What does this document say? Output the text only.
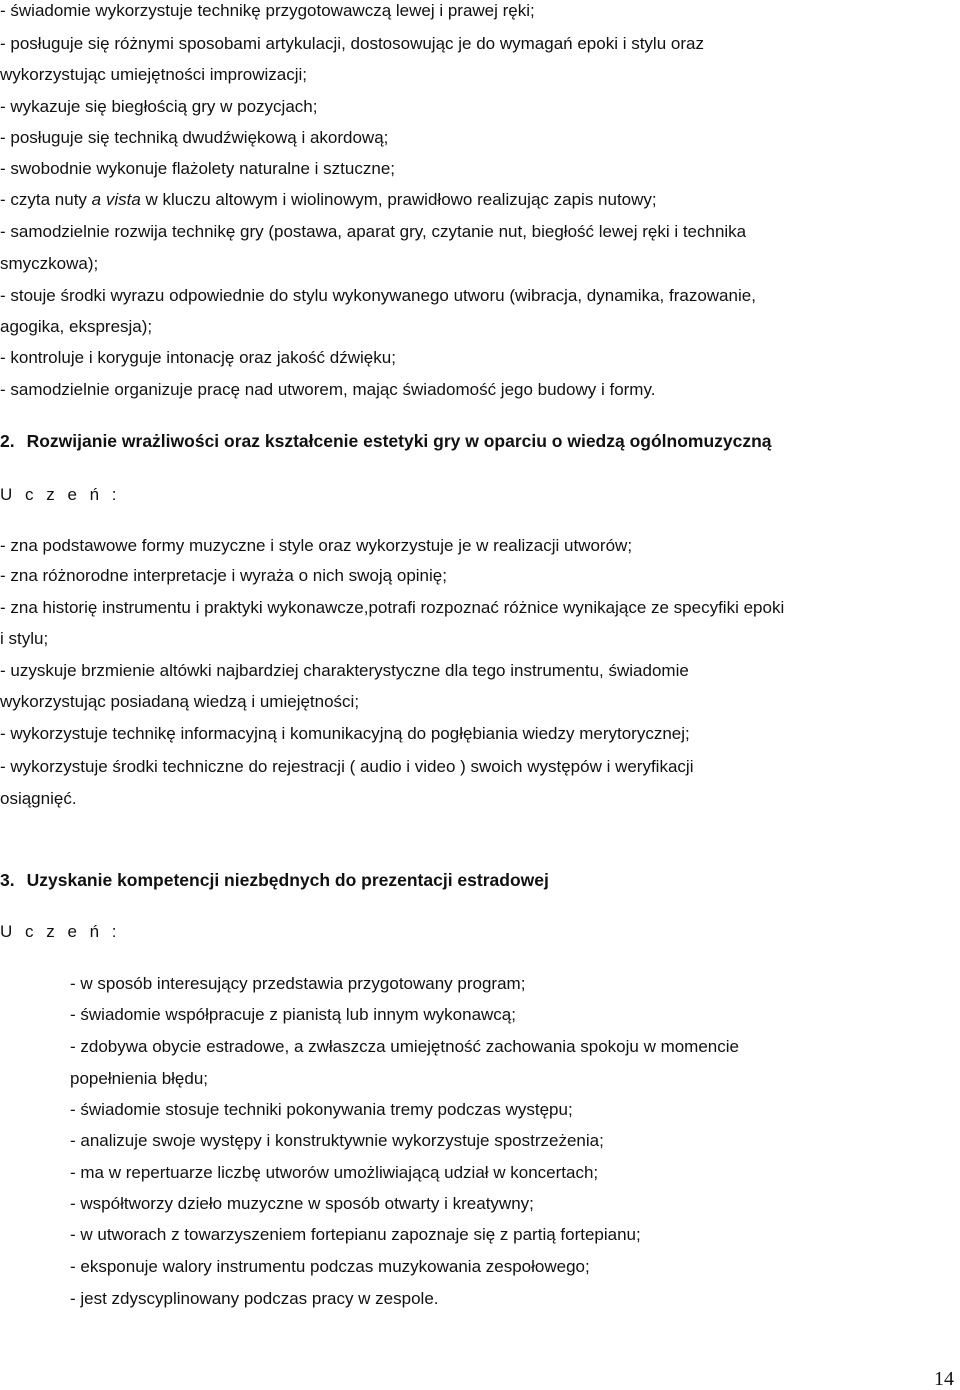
- świadomie wykorzystuje technikę przygotowawczą lewej i prawej ręki;
- posługuje się różnymi sposobami artykulacji, dostosowując je do wymagań epoki i stylu oraz
wykorzystując umiejętności improwizacji;
- wykazuje się biegłością gry w pozycjach;
- posługuje się techniką dwudźwiękową i akordową;
- swobodnie wykonuje flażolety naturalne i sztuczne;
- czyta nuty a vista w kluczu altowym i wiolinowym, prawidłowo realizując zapis nutowy;
- samodzielnie rozwija technikę gry (postawa, aparat gry, czytanie nut, biegłość lewej ręki i technika
smyczkowa);
- stouje środki wyrazu odpowiednie do stylu wykonywanego utworu (wibracja, dynamika, frazowanie,
agogika, ekspresja);
- kontroluje i koryguje intonację oraz jakość dźwięku;
- samodzielnie organizuje pracę nad utworem, mając świadomość jego budowy i formy.
2. Rozwijanie wrażliwości oraz kształcenie estetyki gry w oparciu o wiedzą ogólnomuzyczną
U c z e ń :
- zna podstawowe formy muzyczne i style oraz wykorzystuje je w realizacji utworów;
- zna różnorodne interpretacje i wyraża o nich swoją opinię;
- zna historię instrumentu i praktyki wykonawcze,potrafi rozpoznać różnice wynikające ze specyfiki epoki
i stylu;
- uzyskuje brzmienie altówki najbardziej charakterystyczne dla tego instrumentu, świadomie
wykorzystując posiadaną wiedzą i umiejętności;
- wykorzystuje technikę informacyjną i komunikacyjną do pogłębiania wiedzy merytorycznej;
- wykorzystuje środki techniczne do rejestracji ( audio i video ) swoich występów i weryfikacji
osiągnięć.
3. Uzyskanie kompetencji niezbędnych do prezentacji estradowej
U c z e ń :
- w sposób interesujący przedstawia przygotowany program;
- świadomie współpracuje z pianistą lub innym wykonawcą;
- zdobywa obycie estradowe, a zwłaszcza umiejętność zachowania spokoju w momencie
popełnienia błędu;
- świadomie stosuje techniki pokonywania tremy podczas występu;
- analizuje swoje występy i konstruktywnie wykorzystuje spostrzeżenia;
- ma w repertuarze liczbę utworów umożliwiającą udział w koncertach;
- współtworzy dzieło muzyczne w sposób otwarty i kreatywny;
- w utworach z towarzyszeniem fortepianu zapoznaje się z partią fortepianu;
- eksponuje walory instrumentu podczas muzykowania zespołowego;
- jest zdyscyplinowany podczas pracy w zespole.
14
